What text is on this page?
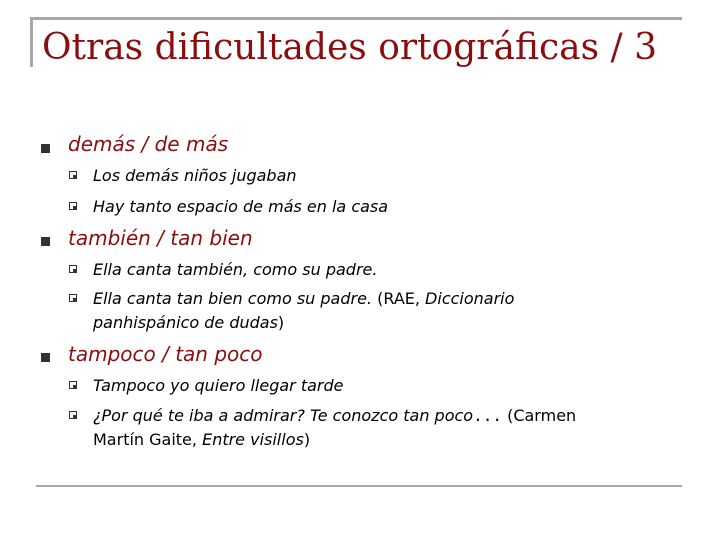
Otras dificultades ortográficas / 3
demás / de más
Los demás niños jugaban
Hay tanto espacio de más en la casa
también / tan bien
Ella canta también, como su padre.
Ella canta tan bien como su padre. (RAE, Diccionario
panhispánico de dudas)
tampoco / tan poco
Tampoco yo quiero llegar tarde
¿Por qué te iba a admirar? Te conozco tan poco... (Carmen
Martín Gaite, Entre visillos)
